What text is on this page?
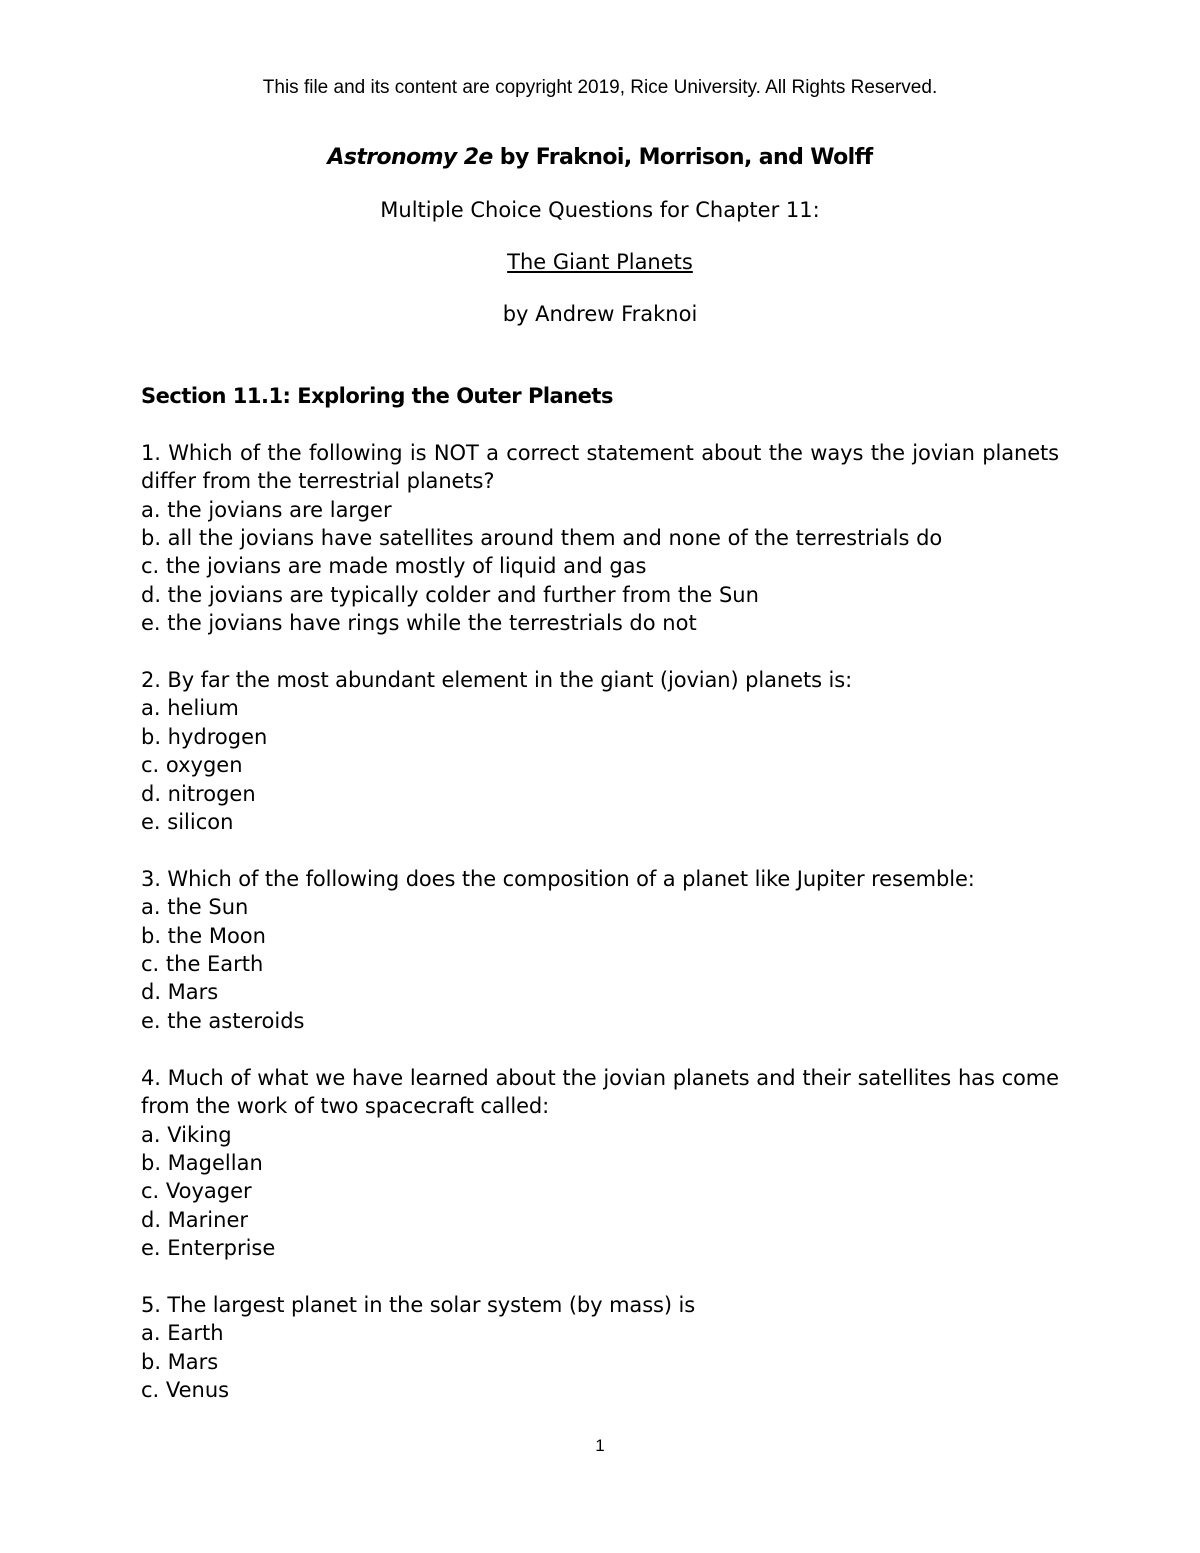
This file and its content are copyright 2019, Rice University. All Rights Reserved.
Astronomy 2e by Fraknoi, Morrison, and Wolff
Multiple Choice Questions for Chapter 11:
The Giant Planets
by Andrew Fraknoi
Section 11.1: Exploring the Outer Planets
1. Which of the following is NOT a correct statement about the ways the jovian planets differ from the terrestrial planets?
a. the jovians are larger
b. all the jovians have satellites around them and none of the terrestrials do
c. the jovians are made mostly of liquid and gas
d. the jovians are typically colder and further from the Sun
e. the jovians have rings while the terrestrials do not
2. By far the most abundant element in the giant (jovian) planets is:
a. helium
b. hydrogen
c. oxygen
d. nitrogen
e. silicon
3. Which of the following does the composition of a planet like Jupiter resemble:
a. the Sun
b. the Moon
c. the Earth
d. Mars
e. the asteroids
4. Much of what we have learned about the jovian planets and their satellites has come from the work of two spacecraft called:
a. Viking
b. Magellan
c. Voyager
d. Mariner
e. Enterprise
5. The largest planet in the solar system (by mass) is
a. Earth
b. Mars
c. Venus
1
